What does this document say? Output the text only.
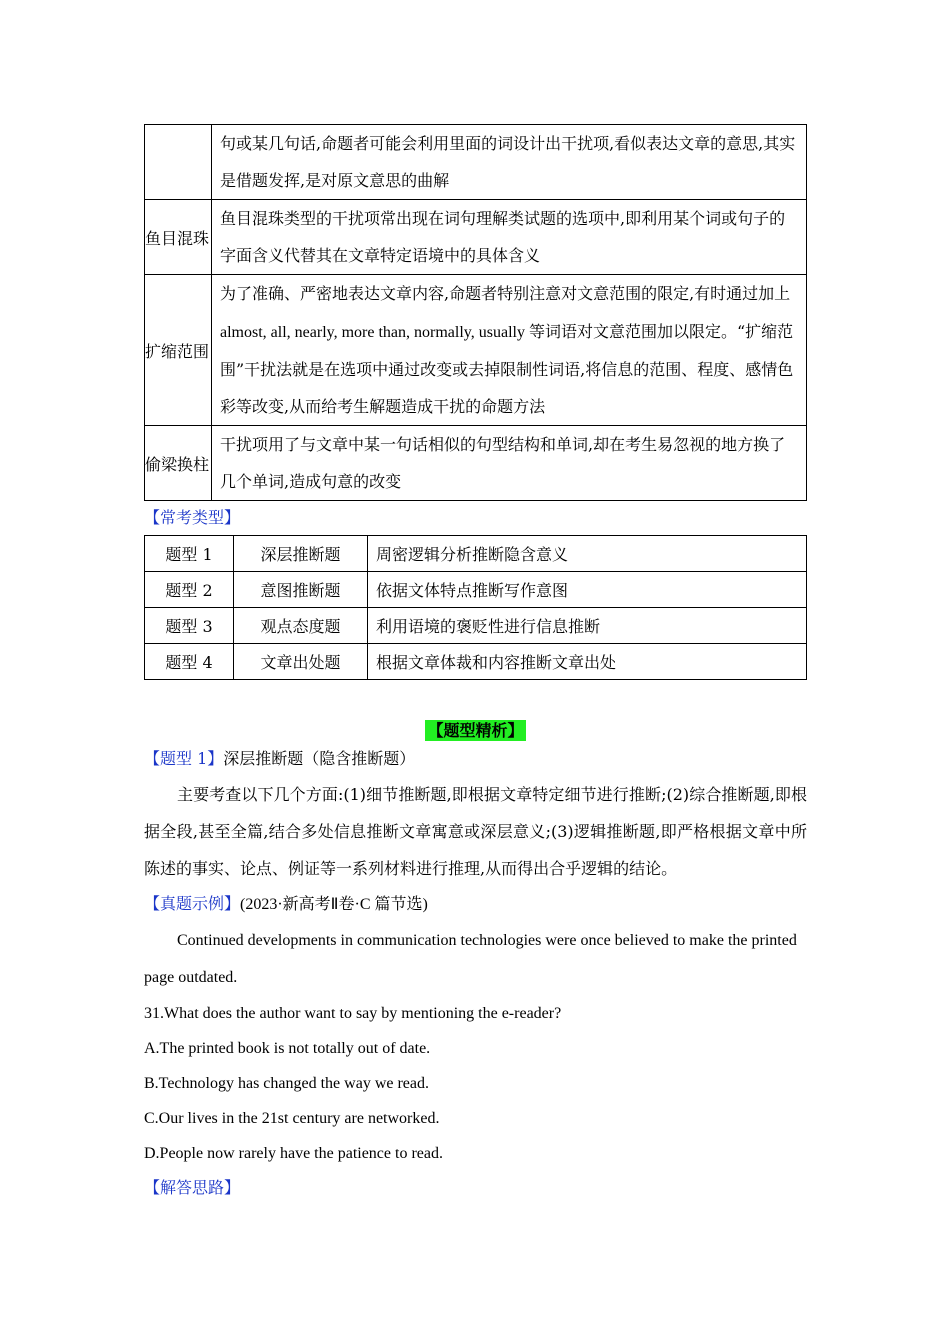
	句或某几句话,命题者可能会利用里面的词设计出干扰项,看似表达文章的意思,其实是借题发挥,是对原文意思的曲解
鱼目混珠	鱼目混珠类型的干扰项常出现在词句理解类试题的选项中,即利用某个词或句子的字面含义代替其在文章特定语境中的具体含义
扩缩范围	为了准确、严密地表达文章内容,命题者特别注意对文意范围的限定,有时通过加上 almost, all, nearly, more than, normally, usually 等词语对文意范围加以限定。“扩缩范围”干扰法就是在选项中通过改变或去掉限制性词语,将信息的范围、程度、感情色彩等改变,从而给考生解题造成干扰的命题方法
偷梁换柱	干扰项用了与文章中某一句话相似的句型结构和单词,却在考生易忽视的地方换了几个单词,造成句意的改变
【常考类型】
题型 1	深层推断题	周密逻辑分析推断隐含意义
题型 2	意图推断题	依据文体特点推断写作意图
题型 3	观点态度题	利用语境的褒贬性进行信息推断
题型 4	文章出处题	根据文章体裁和内容推断文章出处
【题型精析】
【题型 1】深层推断题（隐含推断题）

主要考查以下几个方面:(1)细节推断题,即根据文章特定细节进行推断;(2)综合推断题,即根据全段,甚至全篇,结合多处信息推断文章寓意或深层意义;(3)逻辑推断题,即严格根据文章中所陈述的事实、论点、例证等一系列材料进行推理,从而得出合乎逻辑的结论。

【真题示例】(2023·新高考Ⅱ卷·C 篇节选)

Continued developments in communication technologies were once believed to make the printed page outdated.

31.What does the author want to say by mentioning the e-reader?

A.The printed book is not totally out of date.

B.Technology has changed the way we read.

C.Our lives in the 21st century are networked.

D.People now rarely have the patience to read.

【解答思路】
